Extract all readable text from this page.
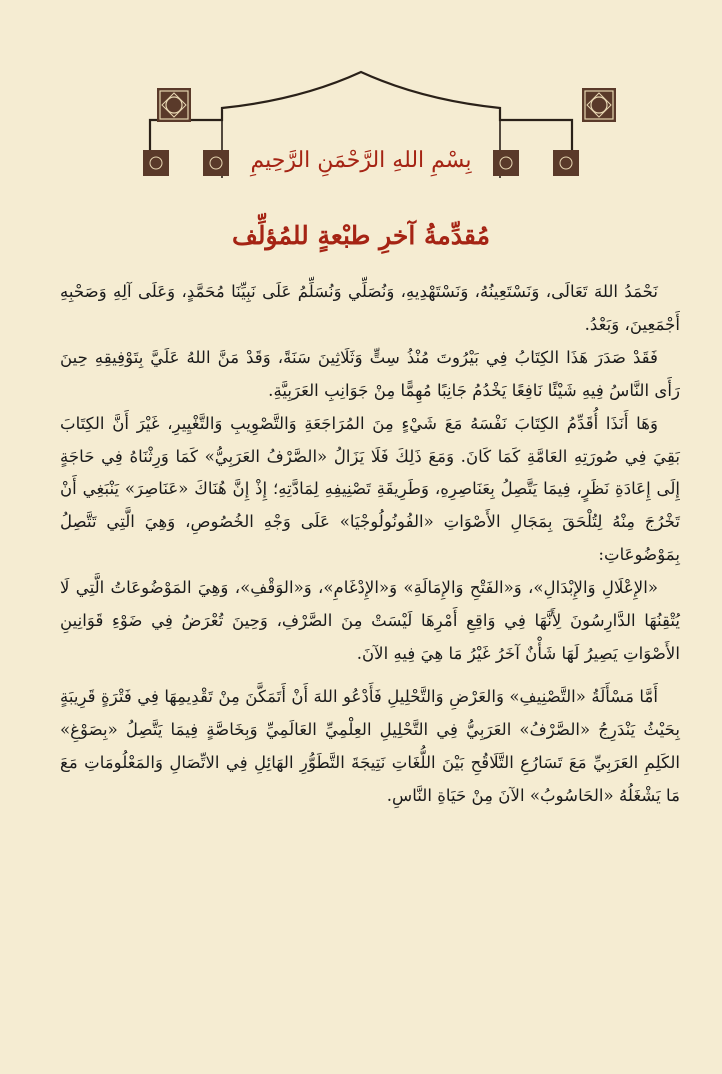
بِسْمِ اللهِ الرَّحْمَنِ الرَّحِيمِ
مُقدِّمةُ آخرِ طبْعةٍ للمُؤلِّف

نَحْمَدُ اللهَ تَعَالَى، وَنَسْتَعِينُهُ، وَنَسْتَهْدِيهِ، وَنُصَلِّي وَنُسَلِّمُ عَلَى نَبِيِّنَا مُحَمَّدٍ، وَعَلَى آلِهِ وَصَحْبِهِ أَجْمَعِينَ، وَبَعْدُ.

فَقَدْ صَدَرَ هَذَا الكِتَابُ فِي بَيْرُوتَ مُنْذُ سِتٍّ وَثَلَاثِينَ سَنَةً، وَقَدْ مَنَّ اللهُ عَلَيَّ بِتَوْفِيقِهِ حِينَ رَأَى النَّاسُ فِيهِ شَيْئًا نَافِعًا يَخْدُمُ جَانِبًا مُهِمًّا مِنْ جَوَانِبِ العَرَبِيَّةِ.

وَهَا أَنَذَا أُقَدِّمُ الكِتَابَ نَفْسَهُ مَعَ شَيْءٍ مِنَ المُرَاجَعَةِ وَالتَّصْوِيبِ وَالتَّغْيِيرِ، غَيْرَ أَنَّ الكِتَابَ بَقِيَ فِي صُورَتِهِ العَامَّةِ كَمَا كَانَ. وَمَعَ ذَلِكَ فَلَا يَزَالُ «الصَّرْفُ العَرَبِيُّ» كَمَا وَرِثْنَاهُ فِي حَاجَةٍ إِلَى إِعَادَةِ نَظَرٍ، فِيمَا يَتَّصِلُ بِعَنَاصِرِهِ، وَطَرِيقَةِ تَصْنِيفِهِ لِمَادَّتِهِ؛ إِذْ إِنَّ هُنَاكَ «عَنَاصِرَ» يَنْبَغِي أَنْ تَخْرُجَ مِنْهُ لِتُلْحَقَ بِمَجَالِ الأَصْوَاتِ «الفُونُولُوجْيَا» عَلَى وَجْهِ الخُصُوصِ، وَهِيَ الَّتِي تَتَّصِلُ بِمَوْضُوعَاتِ:

«الإِعْلَالِ وَالإِبْدَالِ»، وَ«الفَتْحِ وَالإِمَالَةِ» وَ«الإِدْغَامِ»، وَ«الوَقْفِ»، وَهِيَ المَوْضُوعَاتُ الَّتِي لَا يُتْقِنُهَا الدَّارِسُونَ لِأَنَّهَا فِي وَاقِعِ أَمْرِهَا لَيْسَتْ مِنَ الصَّرْفِ، وَحِينَ تُعْرَضُ فِي ضَوْءِ قَوَانِينِ الأَصْوَاتِ يَصِيرُ لَهَا شَأْنٌ آخَرُ غَيْرُ مَا هِيَ فِيهِ الآنَ.

أَمَّا مَسْأَلَةُ «التَّصْنِيفِ» وَالعَرْضِ وَالتَّحْلِيلِ فَأَدْعُو اللهَ أَنْ أَتَمَكَّنَ مِنْ تَقْدِيمِهَا فِي فَتْرَةٍ قَرِيبَةٍ بِحَيْثُ يَنْدَرِجُ «الصَّرْفُ» العَرَبِيُّ فِي التَّحْلِيلِ العِلْمِيِّ العَالَمِيِّ وَبِخَاصَّةٍ فِيمَا يَتَّصِلُ «بِصَوْغِ» الكَلِمِ العَرَبِيِّ مَعَ تَسَارُعِ التَّلَاقُحِ بَيْنَ اللُّغَاتِ نَتِيجَةَ التَّطَوُّرِ الهَائِلِ فِي الاتِّصَالِ وَالمَعْلُومَاتِ مَعَ مَا يَشْغَلُهُ «الحَاسُوبُ» الآنَ مِنْ حَيَاةِ النَّاسِ.
